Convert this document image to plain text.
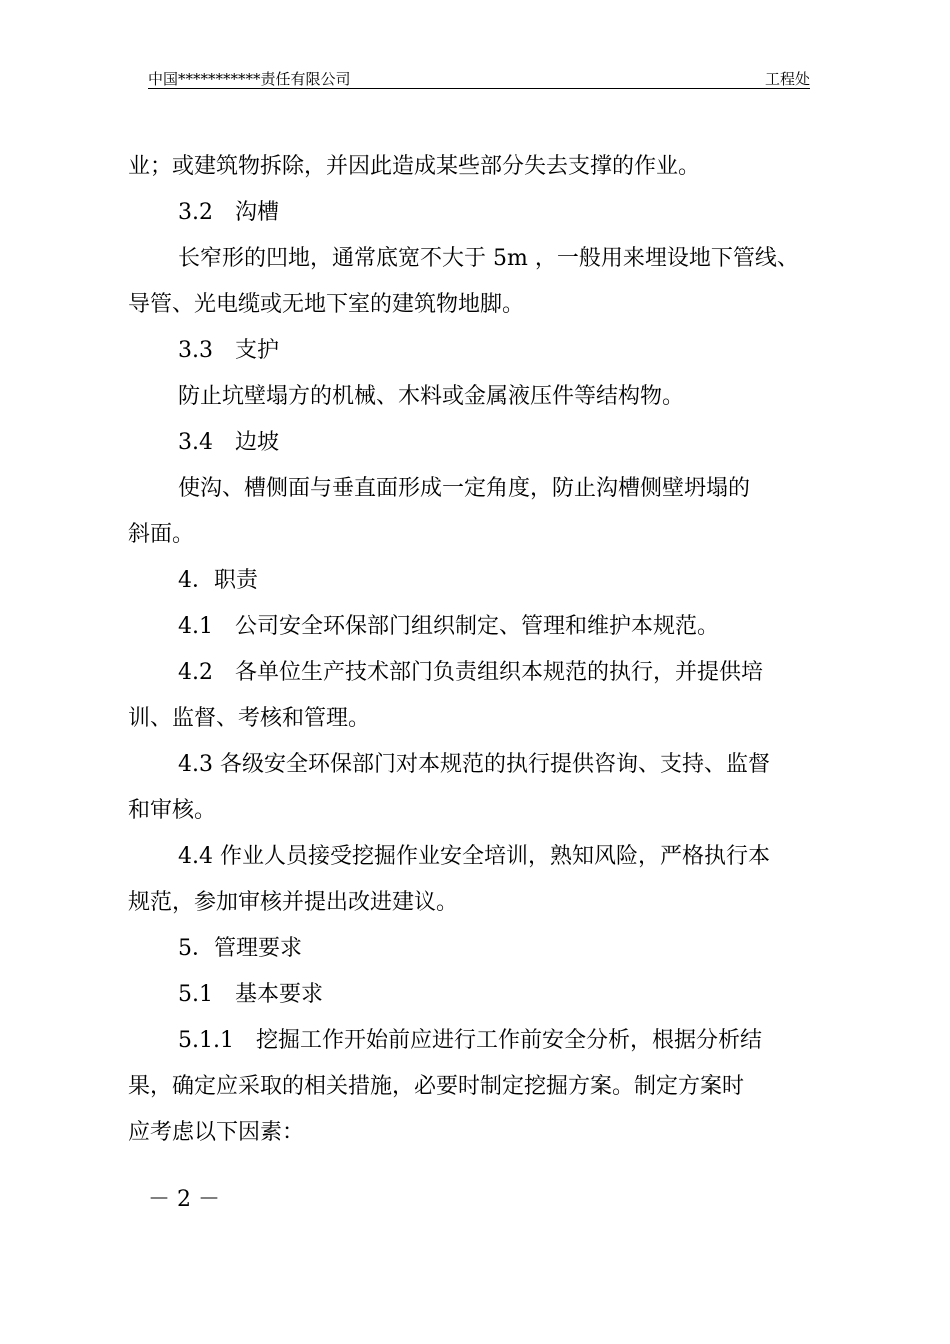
中国***********责任有限公司	工程处
业；或建筑物拆除，并因此造成某些部分失去支撑的作业。
3.2　沟槽
长窄形的凹地，通常底宽不大于 5m ，一般用来埋设地下管线、
导管、光电缆或无地下室的建筑物地脚。
3.3　支护
防止坑壁塌方的机械、木料或金属液压件等结构物。
3.4　边坡
使沟、槽侧面与垂直面形成一定角度，防止沟槽侧壁坍塌的
斜面。
4．职责
4.1　公司安全环保部门组织制定、管理和维护本规范。
4.2　各单位生产技术部门负责组织本规范的执行，并提供培
训、监督、考核和管理。
4.3 各级安全环保部门对本规范的执行提供咨询、支持、监督
和审核。
4.4 作业人员接受挖掘作业安全培训，熟知风险，严格执行本
规范，参加审核并提出改进建议。
5．管理要求
5.1　基本要求
5.1.1　挖掘工作开始前应进行工作前安全分析，根据分析结
果，确定应采取的相关措施，必要时制定挖掘方案。制定方案时
应考虑以下因素：
－ 2 －
